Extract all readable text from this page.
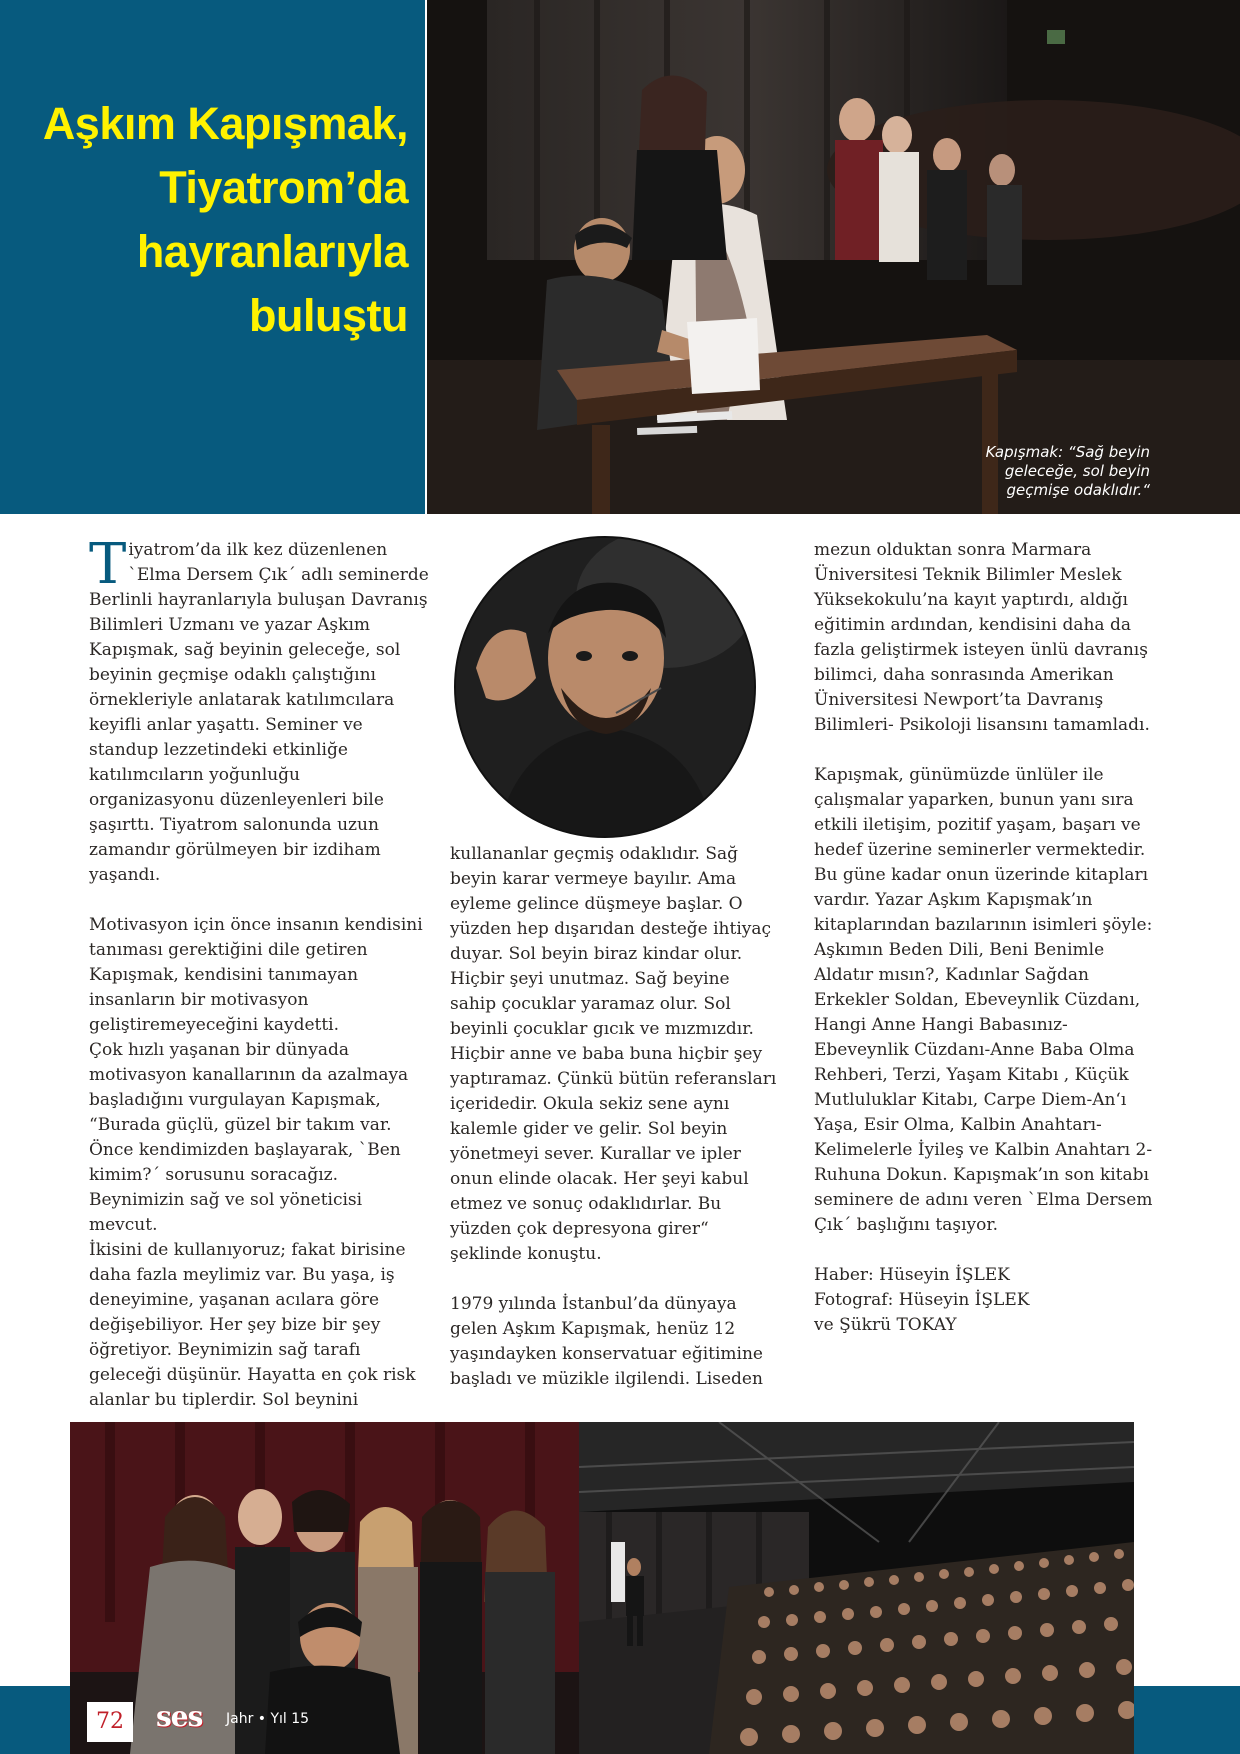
Aşkım Kapışmak,
Tiyatrom’da
hayranlarıyla
buluştu
Kapışmak: “Sağ beyin
geleceğe, sol beyin
geçmişe odaklıdır.“

Tiyatrom’da ilk kez düzenlenen `Elma Dersem Çık´ adlı seminerde Berlinli hayranlarıyla buluşan Davranış Bilimleri Uzmanı ve yazar Aşkım Kapışmak, sağ beyinin geleceğe, sol beyinin geçmişe odaklı çalıştığını örnekleriyle anlatarak katılımcılara keyifli anlar yaşattı. Seminer ve standup lezzetindeki etkinliğe katılımcıların yoğunluğu organizasyonu düzenleyenleri bile şaşırttı. Tiyatrom salonunda uzun zamandır görülmeyen bir izdiham yaşandı.

Motivasyon için önce insanın kendisini tanıması gerektiğini dile getiren Kapışmak, kendisini tanımayan insanların bir motivasyon geliştiremeyeceğini kaydetti.
Çok hızlı yaşanan bir dünyada motivasyon kanallarının da azalmaya başladığını vurgulayan Kapışmak, “Burada güçlü, güzel bir takım var. Önce kendimizden başlayarak, `Ben kimim?´ sorusunu soracağız. Beynimizin sağ ve sol yöneticisi mevcut.
İkisini de kullanıyoruz; fakat birisine daha fazla meylimiz var. Bu yaşa, iş deneyimine, yaşanan acılara göre değişebiliyor. Her şey bize bir şey öğretiyor. Beynimizin sağ tarafı geleceği düşünür. Hayatta en çok risk alanlar bu tiplerdir. Sol beynini

kullananlar geçmiş odaklıdır. Sağ beyin karar vermeye bayılır. Ama eyleme gelince düşmeye başlar. O yüzden hep dışarıdan desteğe ihtiyaç duyar. Sol beyin biraz kindar olur. Hiçbir şeyi unutmaz. Sağ beyine sahip çocuklar yaramaz olur. Sol beyinli çocuklar gıcık ve mızmızdır. Hiçbir anne ve baba buna hiçbir şey yaptıramaz. Çünkü bütün referansları içeridedir. Okula sekiz sene aynı kalemle gider ve gelir. Sol beyin yönetmeyi sever. Kurallar ve ipler onun elinde olacak. Her şeyi kabul etmez ve sonuç odaklıdırlar. Bu yüzden çok depresyona girer“ şeklinde konuştu.

1979 yılında İstanbul’da dünyaya gelen Aşkım Kapışmak, henüz 12 yaşındayken konservatuar eğitimine başladı ve müzikle ilgilendi. Liseden

mezun olduktan sonra Marmara Üniversitesi Teknik Bilimler Meslek Yüksekokulu’na kayıt yaptırdı, aldığı eğitimin ardından, kendisini daha da fazla geliştirmek isteyen ünlü davranış bilimci, daha sonrasında Amerikan Üniversitesi Newport’ta Davranış Bilimleri- Psikoloji lisansını tamamladı.

Kapışmak, günümüzde ünlüler ile çalışmalar yaparken, bunun yanı sıra etkili iletişim, pozitif yaşam, başarı ve hedef üzerine seminerler vermektedir. Bu güne kadar onun üzerinde kitapları vardır. Yazar Aşkım Kapışmak’ın kitaplarından bazılarının isimleri şöyle: Aşkımın Beden Dili, Beni Benimle Aldatır mısın?, Kadınlar Sağdan Erkekler Soldan, Ebeveynlik Cüzdanı, Hangi Anne Hangi Babasınız-Ebeveynlik Cüzdanı-Anne Baba Olma Rehberi, Terzi, Yaşam Kitabı , Küçük Mutluluklar Kitabı, Carpe Diem-An‘ı Yaşa, Esir Olma, Kalbin Anahtarı-Kelimelerle İyileş ve Kalbin Anahtarı 2-Ruhuna Dokun. Kapışmak’ın son kitabı seminere de adını veren `Elma Dersem Çık´ başlığını taşıyor.

Haber: Hüseyin İŞLEK
Fotograf: Hüseyin İŞLEK
ve Şükrü TOKAY

72	ses Jahr • Yıl 15
